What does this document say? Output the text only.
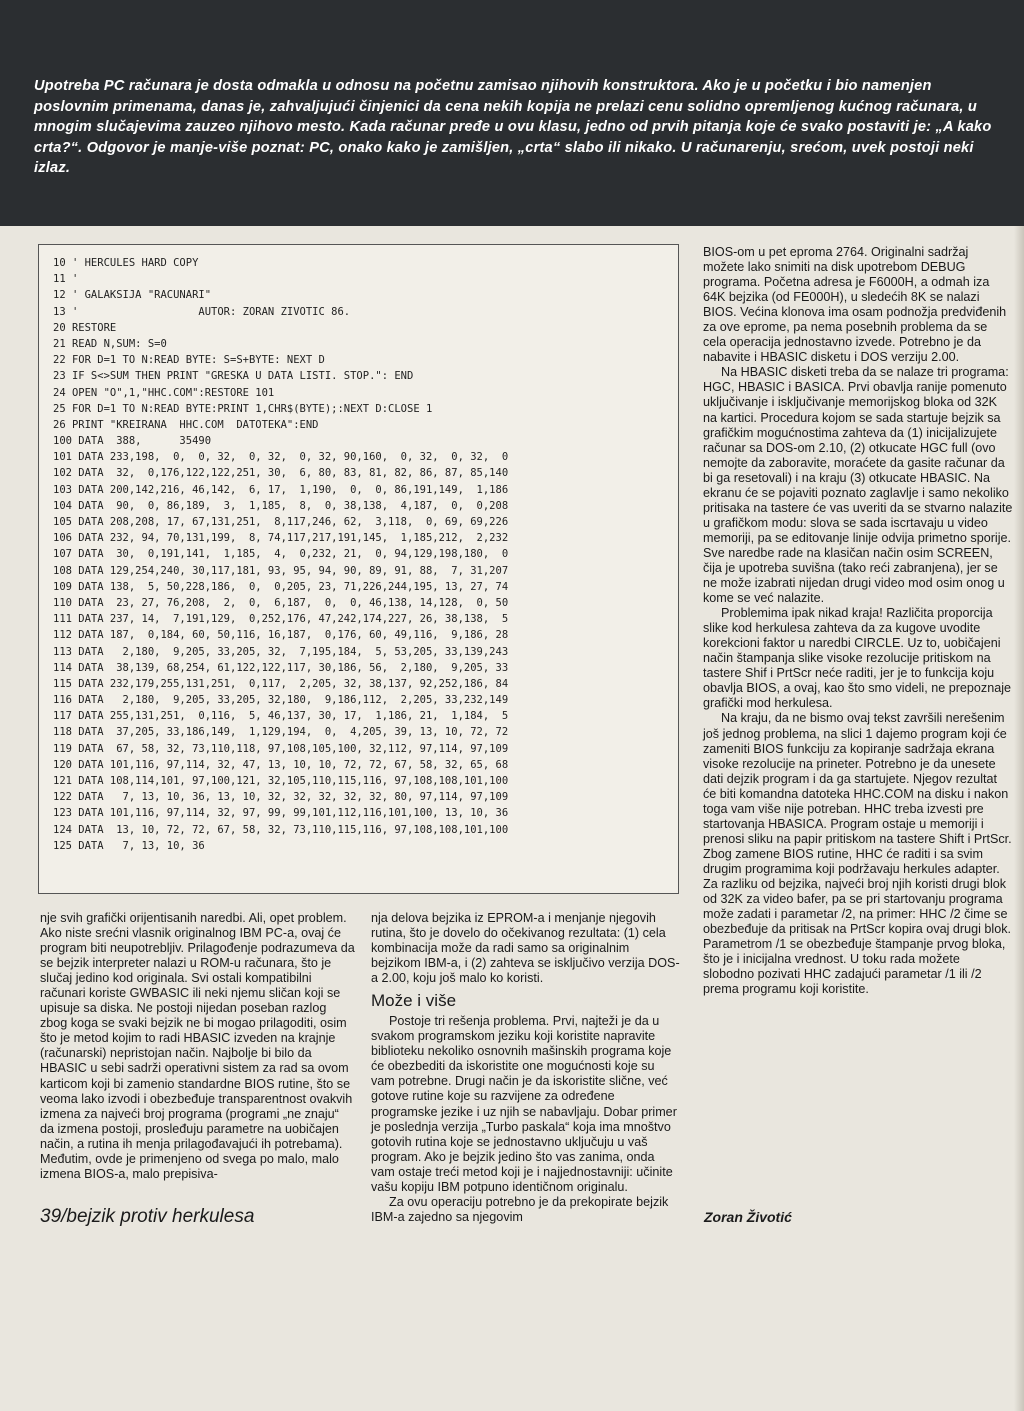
Upotreba PC računara je dosta odmakla u odnosu na početnu zamisao njihovih konstruktora. Ako je u početku i bio namenjen poslovnim primenama, danas je, zahvaljujući činjenici da cena nekih kopija ne prelazi cenu solidno opremljenog kućnog računara, u mnogim slučajevima zauzeo njihovo mesto. Kada računar pređe u ovu klasu, jedno od prvih pitanja koje će svako postaviti je: „A kako crta?“. Odgovor je manje-više poznat: PC, onako kako je zamišljen, „crta“ slabo ili nikako. U računarenju, srećom, uvek postoji neki izlaz.

10 ' HERCULES HARD COPY
11 '
12 ' GALAKSIJA "RACUNARI"
13 '                   AUTOR: ZORAN ZIVOTIC 86.
20 RESTORE
21 READ N,SUM: S=0
22 FOR D=1 TO N:READ BYTE: S=S+BYTE: NEXT D
23 IF S<>SUM THEN PRINT "GRESKA U DATA LISTI. STOP.": END
24 OPEN "O",1,"HHC.COM":RESTORE 101
25 FOR D=1 TO N:READ BYTE:PRINT 1,CHR$(BYTE);:NEXT D:CLOSE 1
26 PRINT "KREIRANA  HHC.COM  DATOTEKA":END
100 DATA  388,      35490
101 DATA 233,198,  0,  0, 32,  0, 32,  0, 32, 90,160,  0, 32,  0, 32,  0
102 DATA  32,  0,176,122,122,251, 30,  6, 80, 83, 81, 82, 86, 87, 85,140
103 DATA 200,142,216, 46,142,  6, 17,  1,190,  0,  0, 86,191,149,  1,186
104 DATA  90,  0, 86,189,  3,  1,185,  8,  0, 38,138,  4,187,  0,  0,208
105 DATA 208,208, 17, 67,131,251,  8,117,246, 62,  3,118,  0, 69, 69,226
106 DATA 232, 94, 70,131,199,  8, 74,117,217,191,145,  1,185,212,  2,232
107 DATA  30,  0,191,141,  1,185,  4,  0,232, 21,  0, 94,129,198,180,  0
108 DATA 129,254,240, 30,117,181, 93, 95, 94, 90, 89, 91, 88,  7, 31,207
109 DATA 138,  5, 50,228,186,  0,  0,205, 23, 71,226,244,195, 13, 27, 74
110 DATA  23, 27, 76,208,  2,  0,  6,187,  0,  0, 46,138, 14,128,  0, 50
111 DATA 237, 14,  7,191,129,  0,252,176, 47,242,174,227, 26, 38,138,  5
112 DATA 187,  0,184, 60, 50,116, 16,187,  0,176, 60, 49,116,  9,186, 28
113 DATA   2,180,  9,205, 33,205, 32,  7,195,184,  5, 53,205, 33,139,243
114 DATA  38,139, 68,254, 61,122,122,117, 30,186, 56,  2,180,  9,205, 33
115 DATA 232,179,255,131,251,  0,117,  2,205, 32, 38,137, 92,252,186, 84
116 DATA   2,180,  9,205, 33,205, 32,180,  9,186,112,  2,205, 33,232,149
117 DATA 255,131,251,  0,116,  5, 46,137, 30, 17,  1,186, 21,  1,184,  5
118 DATA  37,205, 33,186,149,  1,129,194,  0,  4,205, 39, 13, 10, 72, 72
119 DATA  67, 58, 32, 73,110,118, 97,108,105,100, 32,112, 97,114, 97,109
120 DATA 101,116, 97,114, 32, 47, 13, 10, 10, 72, 72, 67, 58, 32, 65, 68
121 DATA 108,114,101, 97,100,121, 32,105,110,115,116, 97,108,108,101,100
122 DATA   7, 13, 10, 36, 13, 10, 32, 32, 32, 32, 32, 80, 97,114, 97,109
123 DATA 101,116, 97,114, 32, 97, 99, 99,101,112,116,101,100, 13, 10, 36
124 DATA  13, 10, 72, 72, 67, 58, 32, 73,110,115,116, 97,108,108,101,100
125 DATA   7, 13, 10, 36

BIOS-om u pet eproma 2764. Originalni sadržaj možete lako snimiti na disk upotrebom DEBUG programa. Početna adresa je F6000H, a odmah iza 64K bejzika (od FE000H), u sledećih 8K se nalazi BIOS. Većina klonova ima osam podnožja predviđenih za ove eprome, pa nema posebnih problema da se cela operacija jednostavno izvede. Potrebno je da nabavite i HBASIC disketu i DOS verziju 2.00.

Na HBASIC disketi treba da se nalaze tri programa: HGC, HBASIC i BASICA. Prvi obavlja ranije pomenuto uključivanje i isključivanje memorijskog bloka od 32K na kartici. Procedura kojom se sada startuje bejzik sa grafičkim mogućnostima zahteva da (1) inicijalizujete računar sa DOS-om 2.10, (2) otkucate HGC full (ovo nemojte da zaboravite, moraćete da gasite računar da bi ga resetovali) i na kraju (3) otkucate HBASIC. Na ekranu će se pojaviti poznato zaglavlje i samo nekoliko pritisaka na tastere će vas uveriti da se stvarno nalazite u grafičkom modu: slova se sada iscrtavaju u video memoriji, pa se editovanje linije odvija primetno sporije. Sve naredbe rade na klasičan način osim SCREEN, čija je upotreba suvišna (tako reći zabranjena), jer se ne može izabrati nijedan drugi video mod osim onog u kome se već nalazite.

Problemima ipak nikad kraja! Različita proporcija slike kod herkulesa zahteva da za kugove uvodite korekcioni faktor u naredbi CIRCLE. Uz to, uobičajeni način štampanja slike visoke rezolucije pritiskom na tastere Shif i PrtScr neće raditi, jer je to funkcija koju obavlja BIOS, a ovaj, kao što smo videli, ne prepoznaje grafički mod herkulesa.

Na kraju, da ne bismo ovaj tekst završili nerešenim još jednog problema, na slici 1 dajemo program koji će zameniti BIOS funkciju za kopiranje sadržaja ekrana visoke rezolucije na prineter. Potrebno je da unesete dati dejzik program i da ga startujete. Njegov rezultat će biti komandna datoteka HHC.COM na disku i nakon toga vam više nije potreban. HHC treba izvesti pre startovanja HBASICA. Program ostaje u memoriji i prenosi sliku na papir pritiskom na tastere Shift i PrtScr. Zbog zamene BIOS rutine, HHC će raditi i sa svim drugim programima koji podržavaju herkules adapter. Za razliku od bejzika, najveći broj njih koristi drugi blok od 32K za video bafer, pa se pri startovanju programa može zadati i parametar /2, na primer: HHC /2 čime se obezbeđuje da pritisak na PrtScr kopira ovaj drugi blok. Parametrom /1 se obezbeđuje štampanje prvog bloka, što je i inicijalna vrednost. U toku rada možete slobodno pozivati HHC zadajući parametar /1 ili /2 prema programu koji koristite.

nje svih grafički orijentisanih naredbi. Ali, opet problem. Ako niste srećni vlasnik originalnog IBM PC-a, ovaj će program biti neupotrebljiv. Prilagođenje podrazumeva da se bejzik interpreter nalazi u ROM-u računara, što je slučaj jedino kod originala. Svi ostali kompatibilni računari koriste GWBASIC ili neki njemu sličan koji se upisuje sa diska. Ne postoji nijedan poseban razlog zbog koga se svaki bejzik ne bi mogao prilagoditi, osim što je metod kojim to radi HBASIC izveden na krajnje (računarski) nepristojan način. Najbolje bi bilo da HBASIC u sebi sadrži operativni sistem za rad sa ovom karticom koji bi zamenio standardne BIOS rutine, što se veoma lako izvodi i obezbeđuje transparentnost ovakvih izmena za najveći broj programa (programi „ne znaju“ da izmena postoji, prosleđuju parametre na uobičajen način, a rutina ih menja prilagođavajući ih potrebama). Međutim, ovde je primenjeno od svega po malo, malo izmena BIOS-a, malo prepisiva-

nja delova bejzika iz EPROM-a i menjanje njegovih rutina, što je dovelo do očekivanog rezultata: (1) cela kombinacija može da radi samo sa originalnim bejzikom IBM-a, i (2) zahteva se isključivo verzija DOS-a 2.00, koju još malo ko koristi.

Može i više

Postoje tri rešenja problema. Prvi, najteži je da u svakom programskom jeziku koji koristite napravite biblioteku nekoliko osnovnih mašinskih programa koje će obezbediti da iskoristite one mogućnosti koje su vam potrebne. Drugi način je da iskoristite slične, već gotove rutine koje su razvijene za određene programske jezike i uz njih se nabavljaju. Dobar primer je poslednja verzija „Turbo paskala“ koja ima mnoštvo gotovih rutina koje se jednostavno uključuju u vaš program. Ako je bejzik jedino što vas zanima, onda vam ostaje treći metod koji je i najjednostavniji: učinite vašu kopiju IBM potpuno identičnom originalu.

Za ovu operaciju potrebno je da prekopirate bejzik IBM-a zajedno sa njegovim

39/bejzik protiv herkulesa	Zoran Životić
